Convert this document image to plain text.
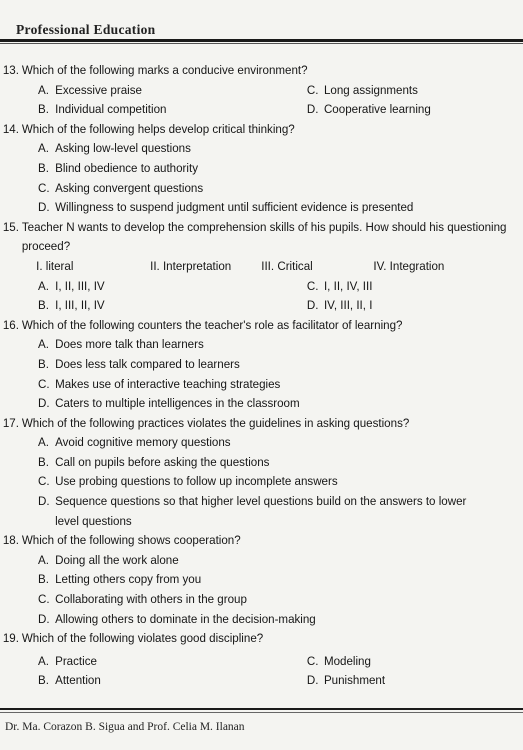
Professional Education
13. Which of the following marks a conducive environment?
A. Excessive praise	C. Long assignments
B. Individual competition	D. Cooperative learning
14. Which of the following helps develop critical thinking?
A. Asking low-level questions
B. Blind obedience to authority
C. Asking convergent questions
D. Willingness to suspend judgment until sufficient evidence is presented
15. Teacher N wants to develop the comprehension skills of his pupils. How should his questioning proceed?
I. literal	II. Interpretation	III. Critical	IV. Integration
A. I, II, III, IV	C. I, II, IV, III
B. I, III, II, IV	D. IV, III, II, I
16. Which of the following counters the teacher's role as facilitator of learning?
A. Does more talk than learners
B. Does less talk compared to learners
C. Makes use of interactive teaching strategies
D. Caters to multiple intelligences in the classroom
17. Which of the following practices violates the guidelines in asking questions?
A. Avoid cognitive memory questions
B. Call on pupils before asking the questions
C. Use probing questions to follow up incomplete answers
D. Sequence questions so that higher level questions build on the answers to lower level questions
18. Which of the following shows cooperation?
A. Doing all the work alone
B. Letting others copy from you
C. Collaborating with others in the group
D. Allowing others to dominate in the decision-making
19. Which of the following violates good discipline?
A. Practice	C. Modeling
B. Attention	D. Punishment
Dr. Ma. Corazon B. Sigua and Prof. Celia M. Ilanan
